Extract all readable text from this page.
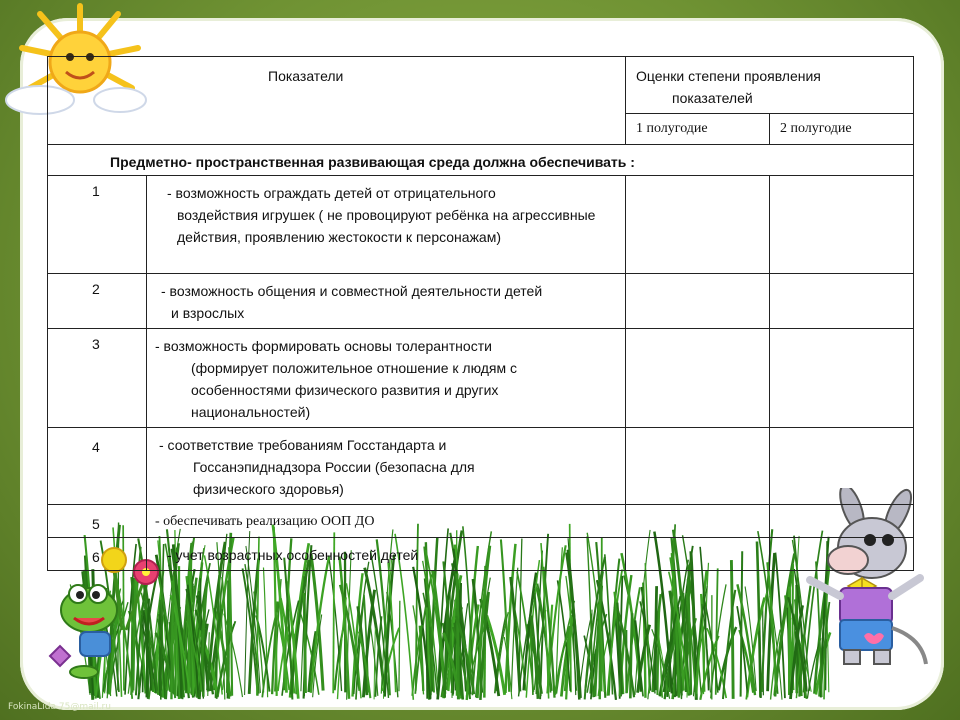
Показатели		Оценки степени проявления
показателей	

		1 полугодие	2 полугодие
Предметно- пространственная развивающая среда должна обеспечивать :			
1	- возможность ограждать детей от отрицательного
воздействия игрушек ( не провоцируют ребёнка на агрессивные действия, проявлению жестокости к персонажам)		

2	- возможность общения и совместной деятельности детей
и взрослых		

3	- возможность формировать основы толерантности
(формирует положительное отношение к людям с особенностями физического развития и других национальностей)		

4	- соответствие требованиям Госстандарта и
Госсанэпиднадзора России (безопасна для физического здоровья)		

5	- обеспечивать реализацию ООП ДО		

6	- учет возрастных особенностей детей		

FokinaLida.75@mail.ru
